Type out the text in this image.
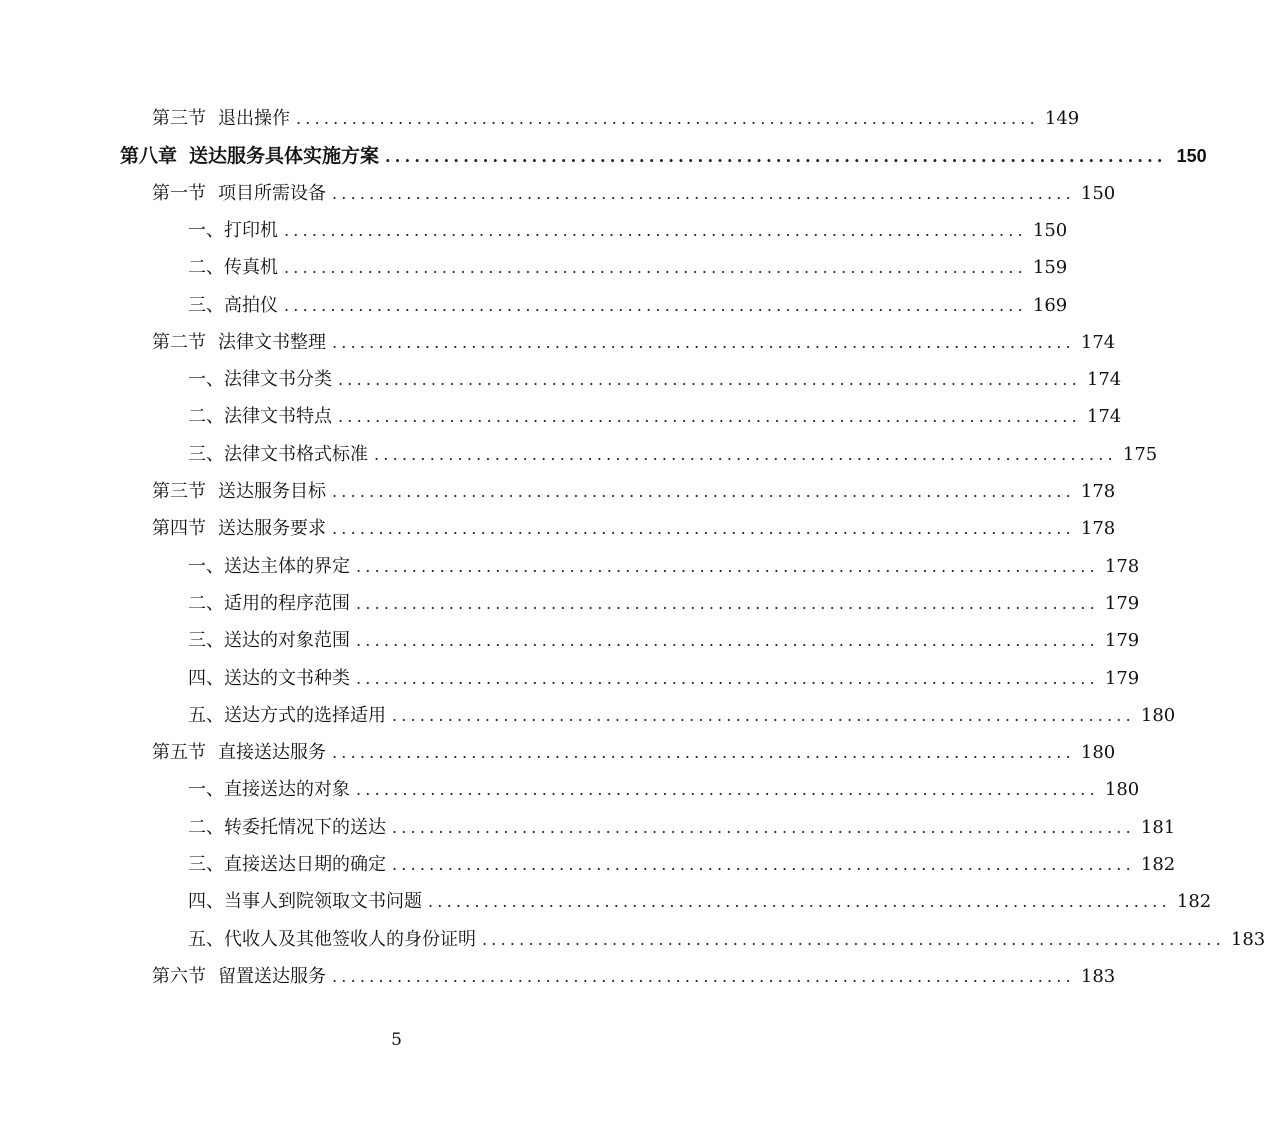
第三节 退出操作 ................................................................................ 149
第八章 送达服务具体实施方案 ................................................................................ 150
第一节 项目所需设备 ................................................................................ 150
一、 打印机 ................................................................................ 150
二、 传真机 ................................................................................ 159
三、 高拍仪 ................................................................................ 169
第二节 法律文书整理 ................................................................................ 174
一、 法律文书分类 ................................................................................ 174
二、 法律文书特点 ................................................................................ 174
三、 法律文书格式标准 ................................................................................ 175
第三节 送达服务目标 ................................................................................ 178
第四节 送达服务要求 ................................................................................ 178
一、 送达主体的界定 ................................................................................ 178
二、 适用的程序范围 ................................................................................ 179
三、 送达的对象范围 ................................................................................ 179
四、 送达的文书种类 ................................................................................ 179
五、 送达方式的选择适用 ................................................................................ 180
第五节 直接送达服务 ................................................................................ 180
一、 直接送达的对象 ................................................................................ 180
二、 转委托情况下的送达 ................................................................................ 181
三、 直接送达日期的确定 ................................................................................ 182
四、 当事人到院领取文书问题 ................................................................................ 182
五、 代收人及其他签收人的身份证明 ................................................................................ 183
第六节 留置送达服务 ................................................................................ 183
5
